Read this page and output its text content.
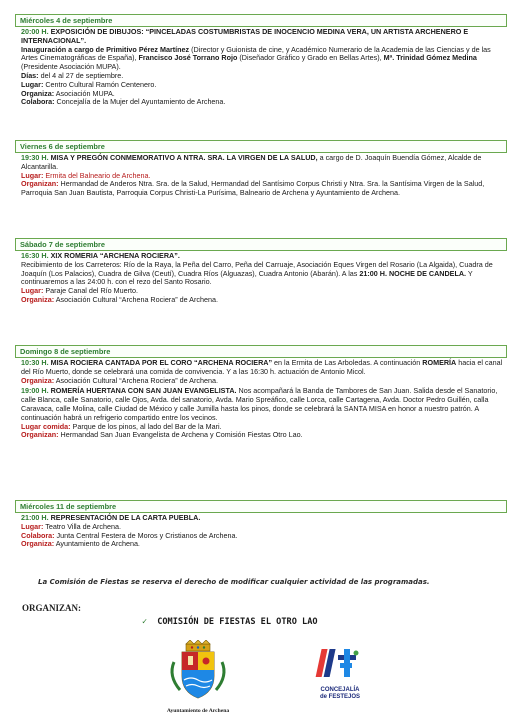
Miércoles 4 de septiembre

20:00 H. EXPOSICIÓN DE DIBUJOS: “PINCELADAS COSTUMBRISTAS DE INOCENCIO MEDINA VERA, UN ARTISTA ARCHENERO E INTERNACIONAL”.

Inauguración a cargo de Primitivo Pérez Martínez (Director y Guionista de cine, y Académico Numerario de la Academia de las Ciencias y de las Artes Cinematográficas de España), Francisco José Torrano Rojo (Diseñador Gráfico y Grado en Bellas Artes), Mª. Trinidad Gómez Medina (Presidente Asociación MUPA).

Días: del 4 al 27 de septiembre.

Lugar: Centro Cultural Ramón Centenero.

Organiza: Asociación MUPA.

Colabora: Concejalía de la Mujer del Ayuntamiento de Archena.

Viernes 6 de septiembre

19:30 H. MISA Y PREGÓN CONMEMORATIVO A NTRA. SRA. LA VIRGEN DE LA SALUD, a cargo de D. Joaquín Buendía Gómez, Alcalde de Alcantarilla.

Lugar: Ermita del Balneario de Archena.

Organizan: Hermandad de Anderos Ntra. Sra. de la Salud, Hermandad del Santísimo Corpus Christi y Ntra. Sra. la Santísima Virgen de la Salud, Parroquia San Juan Bautista, Parroquia Corpus Christi-La Purísima, Balneario de Archena y Ayuntamiento de Archena.

Sábado 7 de septiembre

16:30 H. XIX ROMERIA “ARCHENA ROCIERA”.

Recibimiento de los Carreteros: Río de la Raya, la Peña del Carro, Peña del Carruaje, Asociación Eques Virgen del Rosario (La Algaida), Cuadra de Joaquín (Los Palacios), Cuadra de Gilva (Ceutí), Cuadra Ríos (Alguazas), Cuadra Antonio (Abarán). A las 21:00 H. NOCHE DE CANDELA. Y continuaremos a las 24:00 h. con el rezo del Santo Rosario.

Lugar: Paraje Canal del Río Muerto.

Organiza: Asociación Cultural “Archena Rociera” de Archena.

Domingo 8 de septiembre

10:30 H. MISA ROCIERA CANTADA POR EL CORO “ARCHENA ROCIERA” en la Ermita de Las Arboledas. A continuación ROMERÍA hacia el canal del Río Muerto, donde se celebrará una comida de convivencia. Y a las 16:30 h. actuación de Antonio Micol.

Organiza: Asociación Cultural “Archena Rociera” de Archena.

19:00 H. ROMERÍA HUERTANA CON SAN JUAN EVANGELISTA. Nos acompañará la Banda de Tambores de San Juan. Salida desde el Sanatorio, calle Blanca, calle Sanatorio, calle Ojos, Avda. del sanatorio, Avda. Mario Spreáfico, calle Lorca, calle Cartagena, Avda. Doctor Pedro Guillén, calla Caravaca, calle Molina, calle Ciudad de México y calle Jumilla hasta los pinos, donde se celebrará la SANTA MISA en honor a nuestro patrón. A continuación habrá un refrigerio compartido entre los vecinos.

Lugar comida: Parque de los pinos, al lado del Bar de la Mari.

Organizan: Hermandad San Juan Evangelista de Archena y Comisión Fiestas Otro Lao.

Miércoles 11 de septiembre

21:00 H. REPRESENTACIÓN DE LA CARTA PUEBLA.

Lugar: Teatro Villa de Archena.

Colabora: Junta Central Festera de Moros y Cristianos de Archena.

Organiza: Ayuntamiento de Archena.

La Comisión de Fiestas se reserva el derecho de modificar cualquier actividad de las programadas.
ORGANIZAN:
✓ COMISIÓN DE FIESTAS EL OTRO LAO
Ayuntamiento de Archena
CONCEJALÍA
de FESTEJOS
